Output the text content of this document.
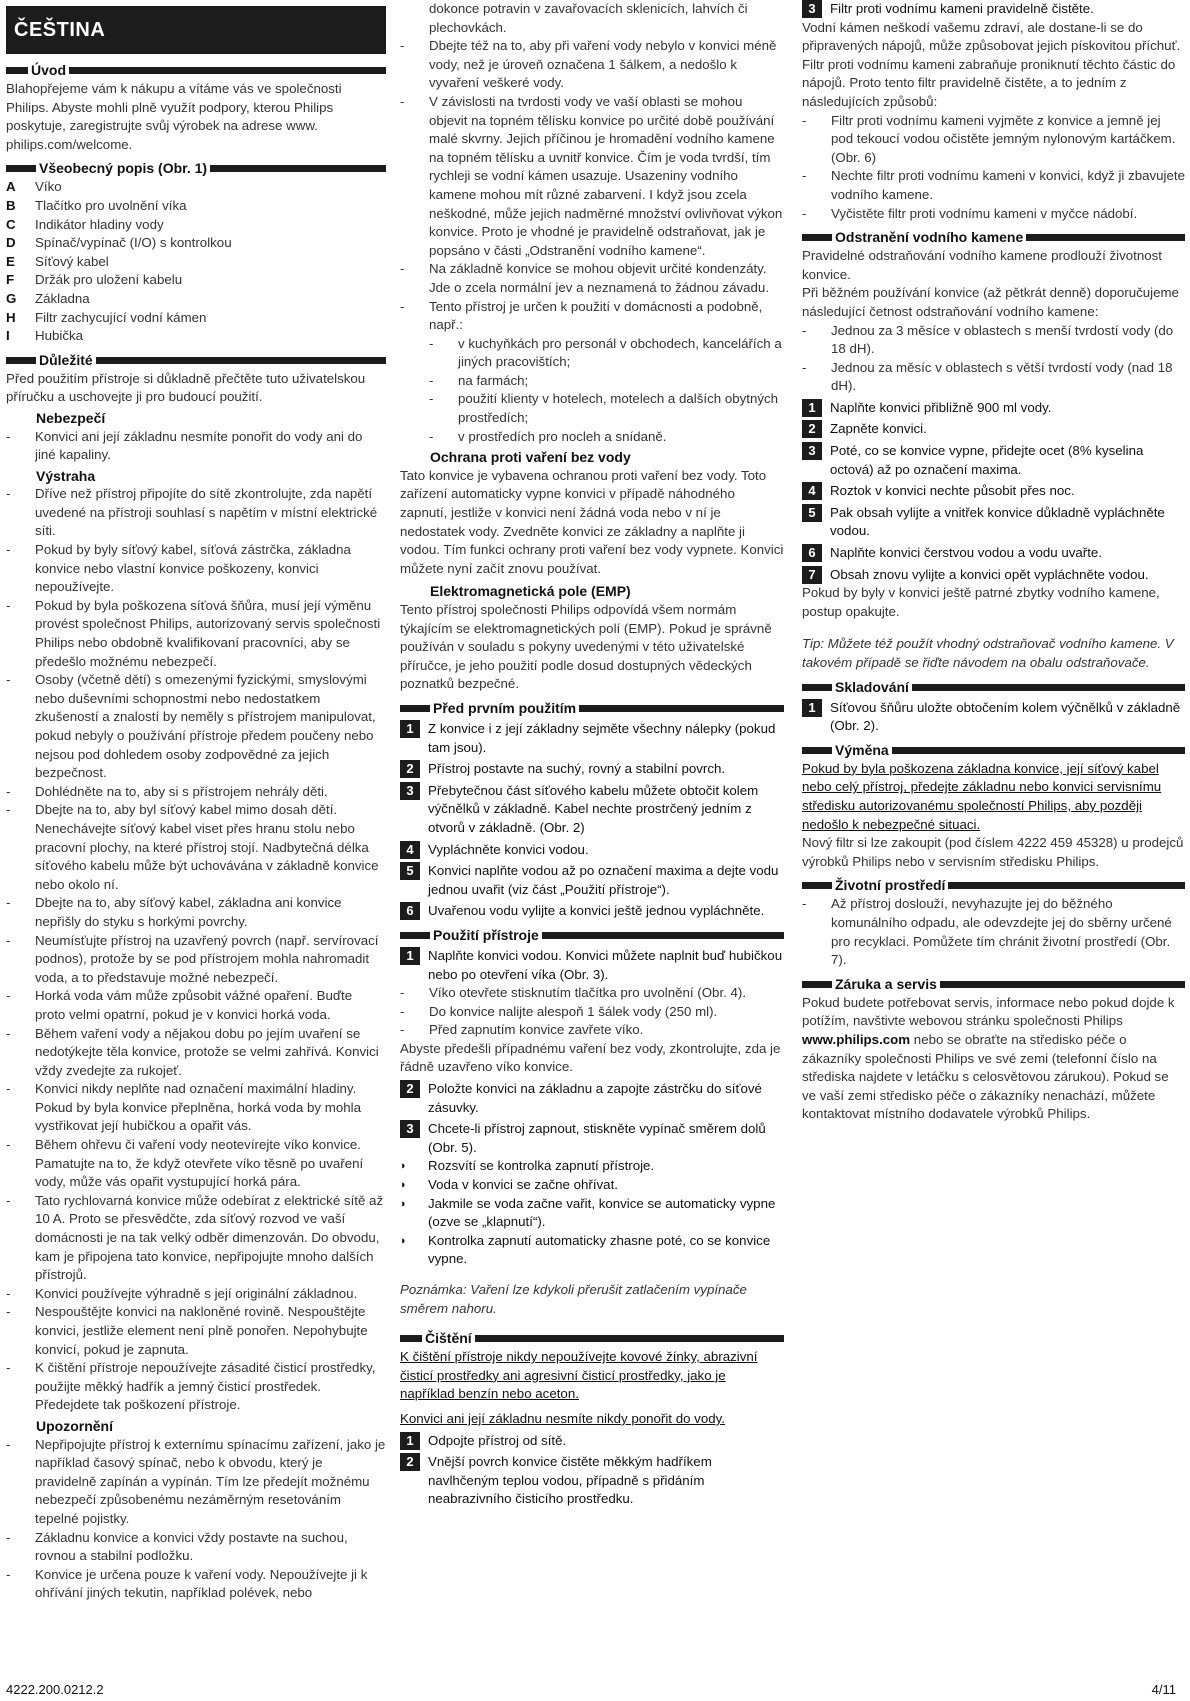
ČEŠTINA
Úvod

Blahopřejeme vám k nákupu a vítáme vás ve společnosti Philips. Abyste mohli plně využít podpory, kterou Philips poskytuje, zaregistrujte svůj výrobek na adrese www. philips.com/welcome.

Všeobecný popis (Obr. 1)
A	Víko
B	Tlačítko pro uvolnění víka
C	Indikátor hladiny vody
D	Spínač/vypínač (I/O) s kontrolkou
E	Síťový kabel
F	Držák pro uložení kabelu
G	Základna
H	Filtr zachycující vodní kámen
I	Hubička
Důležité

Před použitím přístroje si důkladně přečtěte tuto uživatelskou příručku a uschovejte ji pro budoucí použití.

Nebezpečí
-	Konvici ani její základnu nesmíte ponořit do vody ani do jiné kapaliny.
Výstraha
-	Dříve než přístroj připojíte do sítě zkontrolujte, zda napětí uvedené na přístroji souhlasí s napětím v místní elektrické síti.
-	Pokud by byly síťový kabel, síťová zástrčka, základna konvice nebo vlastní konvice poškozeny, konvici nepoužívejte.
-	Pokud by byla poškozena síťová šňůra, musí její výměnu provést společnost Philips, autorizovaný servis společnosti Philips nebo obdobně kvalifikovaní pracovníci, aby se předešlo možnému nebezpečí.
-	Osoby (včetně dětí) s omezenými fyzickými, smyslovými nebo duševními schopnostmi nebo nedostatkem zkušeností a znalostí by neměly s přístrojem manipulovat, pokud nebyly o používání přístroje předem poučeny nebo nejsou pod dohledem osoby zodpovědné za jejich bezpečnost.
-	Dohlédněte na to, aby si s přístrojem nehrály děti.
-	Dbejte na to, aby byl síťový kabel mimo dosah dětí. Nenechávejte síťový kabel viset přes hranu stolu nebo pracovní plochy, na které přístroj stojí. Nadbytečná délka síťového kabelu může být uchovávána v základně konvice nebo okolo ní.
-	Dbejte na to, aby síťový kabel, základna ani konvice nepřišly do styku s horkými povrchy.
-	Neumísťujte přístroj na uzavřený povrch (např. servírovací podnos), protože by se pod přístrojem mohla nahromadit voda, a to představuje možné nebezpečí.
-	Horká voda vám může způsobit vážné opaření. Buďte proto velmi opatrní, pokud je v konvici horká voda.
-	Během vaření vody a nějakou dobu po jejím uvaření se nedotýkejte těla konvice, protože se velmi zahřívá. Konvici vždy zvedejte za rukojeť.
-	Konvici nikdy neplňte nad označení maximální hladiny. Pokud by byla konvice přeplněna, horká voda by mohla vystřikovat její hubičkou a opařit vás.
-	Během ohřevu či vaření vody neotevírejte víko konvice. Pamatujte na to, že když otevřete víko těsně po uvaření vody, může vás opařit vystupující horká pára.
-	Tato rychlovarná konvice může odebírat z elektrické sítě až 10 A. Proto se přesvědčte, zda síťový rozvod ve vaší domácnosti je na tak velký odběr dimenzován. Do obvodu, kam je připojena tato konvice, nepřipojujte mnoho dalších přístrojů.
-	Konvici používejte výhradně s její originální základnou.
-	Nespouštějte konvici na nakloněné rovině. Nespouštějte konvici, jestliže element není plně ponořen. Nepohybujte konvicí, pokud je zapnuta.
-	K čištění přístroje nepoužívejte zásadité čisticí prostředky, použijte měkký hadřík a jemný čisticí prostředek. Předejdete tak poškození přístroje.
Upozornění
-	Nepřipojujte přístroj k externímu spínacímu zařízení, jako je například časový spínač, nebo k obvodu, který je pravidelně zapínán a vypínán. Tím lze předejít možnému nebezpečí způsobenému nezáměrným resetováním tepelné pojistky.
-	Základnu konvice a konvici vždy postavte na suchou, rovnou a stabilní podložku.
-	Konvice je určena pouze k vaření vody. Nepoužívejte ji k ohřívání jiných tekutin, například polévek, nebo
dokonce potravin v zavařovacích sklenicích, lahvích či plechovkách.
-	Dbejte též na to, aby při vaření vody nebylo v konvici méně vody, než je úroveň označena 1 šálkem, a nedošlo k vyvaření veškeré vody.
-	V závislosti na tvrdosti vody ve vaší oblasti se mohou objevit na topném tělísku konvice po určité době používání malé skvrny. Jejich příčinou je hromadění vodního kamene na topném tělísku a uvnitř konvice. Čím je voda tvrdší, tím rychleji se vodní kámen usazuje. Usazeniny vodního kamene mohou mít různé zabarvení. I když jsou zcela neškodné, může jejich nadměrné množství ovlivňovat výkon konvice. Proto je vhodné je pravidelně odstraňovat, jak je popsáno v části „Odstranění vodního kamene“.
-	Na základně konvice se mohou objevit určité kondenzáty. Jde o zcela normální jev a neznamená to žádnou závadu.
-	Tento přístroj je určen k použití v domácnosti a podobně, např.:
-	v kuchyňkách pro personál v obchodech, kancelářích a jiných pracovištích;
-	na farmách;
-	použití klienty v hotelech, motelech a dalších obytných prostředích;
-	v prostředích pro nocleh a snídaně.
Ochrana proti vaření bez vody

Tato konvice je vybavena ochranou proti vaření bez vody. Toto zařízení automaticky vypne konvici v případě náhodného zapnutí, jestliže v konvici není žádná voda nebo v ní je nedostatek vody. Zvedněte konvici ze základny a naplňte ji vodou. Tím funkci ochrany proti vaření bez vody vypnete. Konvici můžete nyní začít znovu používat.

Elektromagnetická pole (EMP)

Tento přístroj společnosti Philips odpovídá všem normám týkajícím se elektromagnetických polí (EMP). Pokud je správně používán v souladu s pokyny uvedenými v této uživatelské příručce, je jeho použití podle dosud dostupných vědeckých poznatků bezpečné.

Před prvním použitím
1	Z konvice i z její základny sejměte všechny nálepky (pokud tam jsou).
2	Přístroj postavte na suchý, rovný a stabilní povrch.
3	Přebytečnou část síťového kabelu můžete obtočit kolem výčnělků v základně. Kabel nechte prostrčený jedním z otvorů v základně. (Obr. 2)
4	Vypláchněte konvici vodou.
5	Konvici naplňte vodou až po označení maxima a dejte vodu jednou uvařit (viz část „Použití přístroje“).
6	Uvařenou vodu vylijte a konvici ještě jednou vypláchněte.
Použití přístroje
1	Naplňte konvici vodou. Konvici můžete naplnit buď hubičkou nebo po otevření víka (Obr. 3).
-	Víko otevřete stisknutím tlačítka pro uvolnění (Obr. 4).
-	Do konvice nalijte alespoň 1 šálek vody (250 ml).
-	Před zapnutím konvice zavřete víko.

Abyste předešli případnému vaření bez vody, zkontrolujte, zda je řádně uzavřeno víko konvice.

2	Položte konvici na základnu a zapojte zástrčku do síťové zásuvky.
3	Chcete-li přístroj zapnout, stiskněte vypínač směrem dolů (Obr. 5).
◗	Rozsvítí se kontrolka zapnutí přístroje.
◗	Voda v konvici se začne ohřívat.
◗	Jakmile se voda začne vařit, konvice se automaticky vypne (ozve se „klapnutí“).
◗	Kontrolka zapnutí automaticky zhasne poté, co se konvice vypne.
Poznámka: Vaření lze kdykoli přerušit zatlačením vypínače směrem nahoru.
Čištění

K čištění přístroje nikdy nepoužívejte kovové žínky, abrazivní čisticí prostředky ani agresivní čisticí prostředky, jako je například benzín nebo aceton.

Konvici ani její základnu nesmíte nikdy ponořit do vody.

1	Odpojte přístroj od sítě.
2	Vnější povrch konvice čistěte měkkým hadříkem navlhčeným teplou vodou, případně s přidáním neabrazivního čisticího prostředku.
3	Filtr proti vodnímu kameni pravidelně čistěte.

Vodní kámen neškodí vašemu zdraví, ale dostane-li se do připravených nápojů, může způsobovat jejich pískovitou příchuť. Filtr proti vodnímu kameni zabraňuje proniknutí těchto částic do nápojů. Proto tento filtr pravidelně čistěte, a to jedním z následujících způsobů:

-	Filtr proti vodnímu kameni vyjměte z konvice a jemně jej pod tekoucí vodou očistěte jemným nylonovým kartáčkem. (Obr. 6)
-	Nechte filtr proti vodnímu kameni v konvici, když ji zbavujete vodního kamene.
-	Vyčistěte filtr proti vodnímu kameni v myčce nádobí.
Odstranění vodního kamene

Pravidelné odstraňování vodního kamene prodlouží životnost konvice.

Při běžném používání konvice (až pětkrát denně) doporučujeme následující četnost odstraňování vodního kamene:

-	Jednou za 3 měsíce v oblastech s menší tvrdostí vody (do 18 dH).
-	Jednou za měsíc v oblastech s větší tvrdostí vody (nad 18 dH).
1	Naplňte konvici přibližně 900 ml vody.
2	Zapněte konvici.
3	Poté, co se konvice vypne, přidejte ocet (8% kyselina octová) až po označení maxima.
4	Roztok v konvici nechte působit přes noc.
5	Pak obsah vylijte a vnitřek konvice důkladně vypláchněte vodou.
6	Naplňte konvici čerstvou vodou a vodu uvařte.
7	Obsah znovu vylijte a konvici opět vypláchněte vodou.

Pokud by byly v konvici ještě patrné zbytky vodního kamene, postup opakujte.

Tip: Můžete též použít vhodný odstraňovač vodního kamene. V takovém případě se řiďte návodem na obalu odstraňovače.
Skladování
1	Síťovou šňůru uložte obtočením kolem výčnělků v základně (Obr. 2).
Výměna

Pokud by byla poškozena základna konvice, její síťový kabel nebo celý přístroj, předejte základnu nebo konvici servisnímu středisku autorizovanému společností Philips, aby později nedošlo k nebezpečné situaci.

Nový filtr si lze zakoupit (pod číslem 4222 459 45328) u prodejců výrobků Philips nebo v servisním středisku Philips.

Životní prostředí
-	Až přístroj doslouží, nevyhazujte jej do běžného komunálního odpadu, ale odevzdejte jej do sběrny určené pro recyklaci. Pomůžete tím chránit životní prostředí (Obr. 7).
Záruka a servis

Pokud budete potřebovat servis, informace nebo pokud dojde k potížím, navštivte webovou stránku společnosti Philips www.philips.com nebo se obraťte na středisko péče o zákazníky společnosti Philips ve své zemi (telefonní číslo na střediska najdete v letáčku s celosvětovou zárukou). Pokud se ve vaší zemi středisko péče o zákazníky nenachází, můžete kontaktovat místního dodavatele výrobků Philips.

4222.200.0212.2	4/11
